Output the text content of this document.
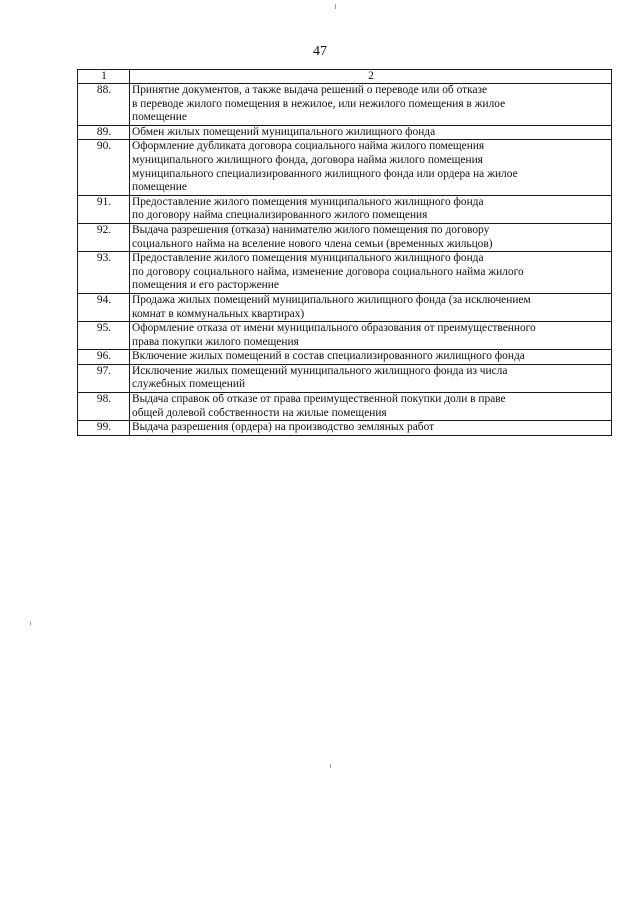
47
1	2
88.	Принятие документов, а также выдача решений о переводе или об отказе
в переводе жилого помещения в нежилое, или нежилого помещения в жилое
помещение
89.	Обмен жилых помещений муниципального жилищного фонда
90.	Оформление дубликата договора социального найма жилого помещения
муниципального жилищного фонда, договора найма жилого помещения
муниципального специализированного жилищного фонда или ордера на жилое
помещение
91.	Предоставление жилого помещения муниципального жилищного фонда
по договору найма специализированного жилого помещения
92.	Выдача разрешения (отказа) нанимателю жилого помещения по договору
социального найма на вселение нового члена семьи (временных жильцов)
93.	Предоставление жилого помещения муниципального жилищного фонда
по договору социального найма, изменение договора социального найма жилого
помещения и его расторжение
94.	Продажа жилых помещений муниципального жилищного фонда (за исключением
комнат в коммунальных квартирах)
95.	Оформление отказа от имени муниципального образования от преимущественного
права покупки жилого помещения
96.	Включение жилых помещений в состав специализированного жилищного фонда
97.	Исключение жилых помещений муниципального жилищного фонда из числа
служебных помещений
98.	Выдача справок об отказе от права преимущественной покупки доли в праве
общей долевой собственности на жилые помещения
99.	Выдача разрешения (ордера) на производство земляных работ
